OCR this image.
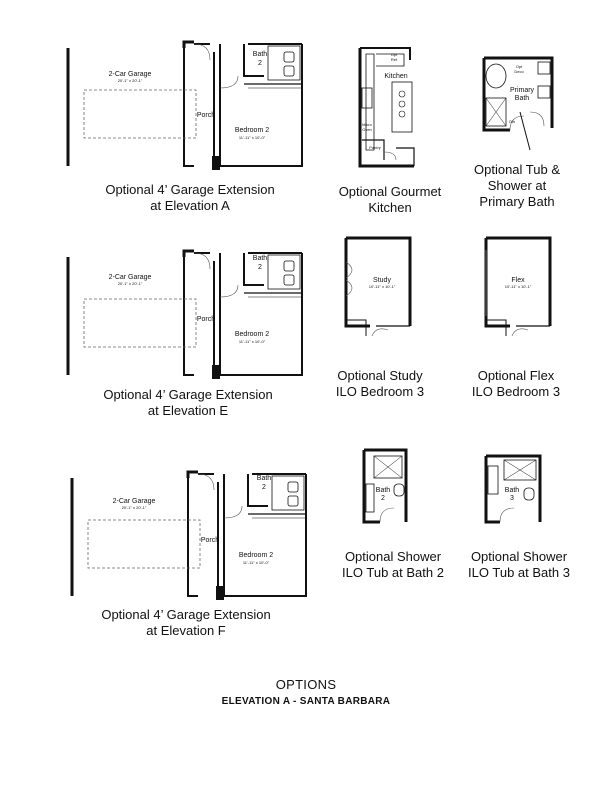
2-Car Garage
20'-1" x 20'-1"
Porch
Bath
2
Bedroom 2
11'-11" x 10'-0"
2-Car Garage
20'-1" x 20'-1"
Porch
Bath
2
Bedroom 2
11'-11" x 10'-0"
2-Car Garage
20'-1" x 20'-1"
Porch
Bath
2
Bedroom 2
11'-11" x 10'-0"
Kitchen
Opt
Ref
Micro
Oven
Pantry
Primary
Bath
Opt
Deco
Oth
Study
10'-11" x 10'-1"
Linen
Flex
10'-11" x 10'-1"
Linen
Bath
2
Bath
3
Optional 4’ Garage Extension
at Elevation A
Optional Gourmet
Kitchen
Optional Tub &
Shower at
Primary Bath
Optional 4’ Garage Extension
at Elevation E
Optional Study
ILO Bedroom 3
Optional Flex
ILO Bedroom 3
Optional 4’ Garage Extension
at Elevation F
Optional Shower
ILO Tub at Bath 2
Optional Shower
ILO Tub at Bath 3
OPTIONS
ELEVATION A - SANTA BARBARA
